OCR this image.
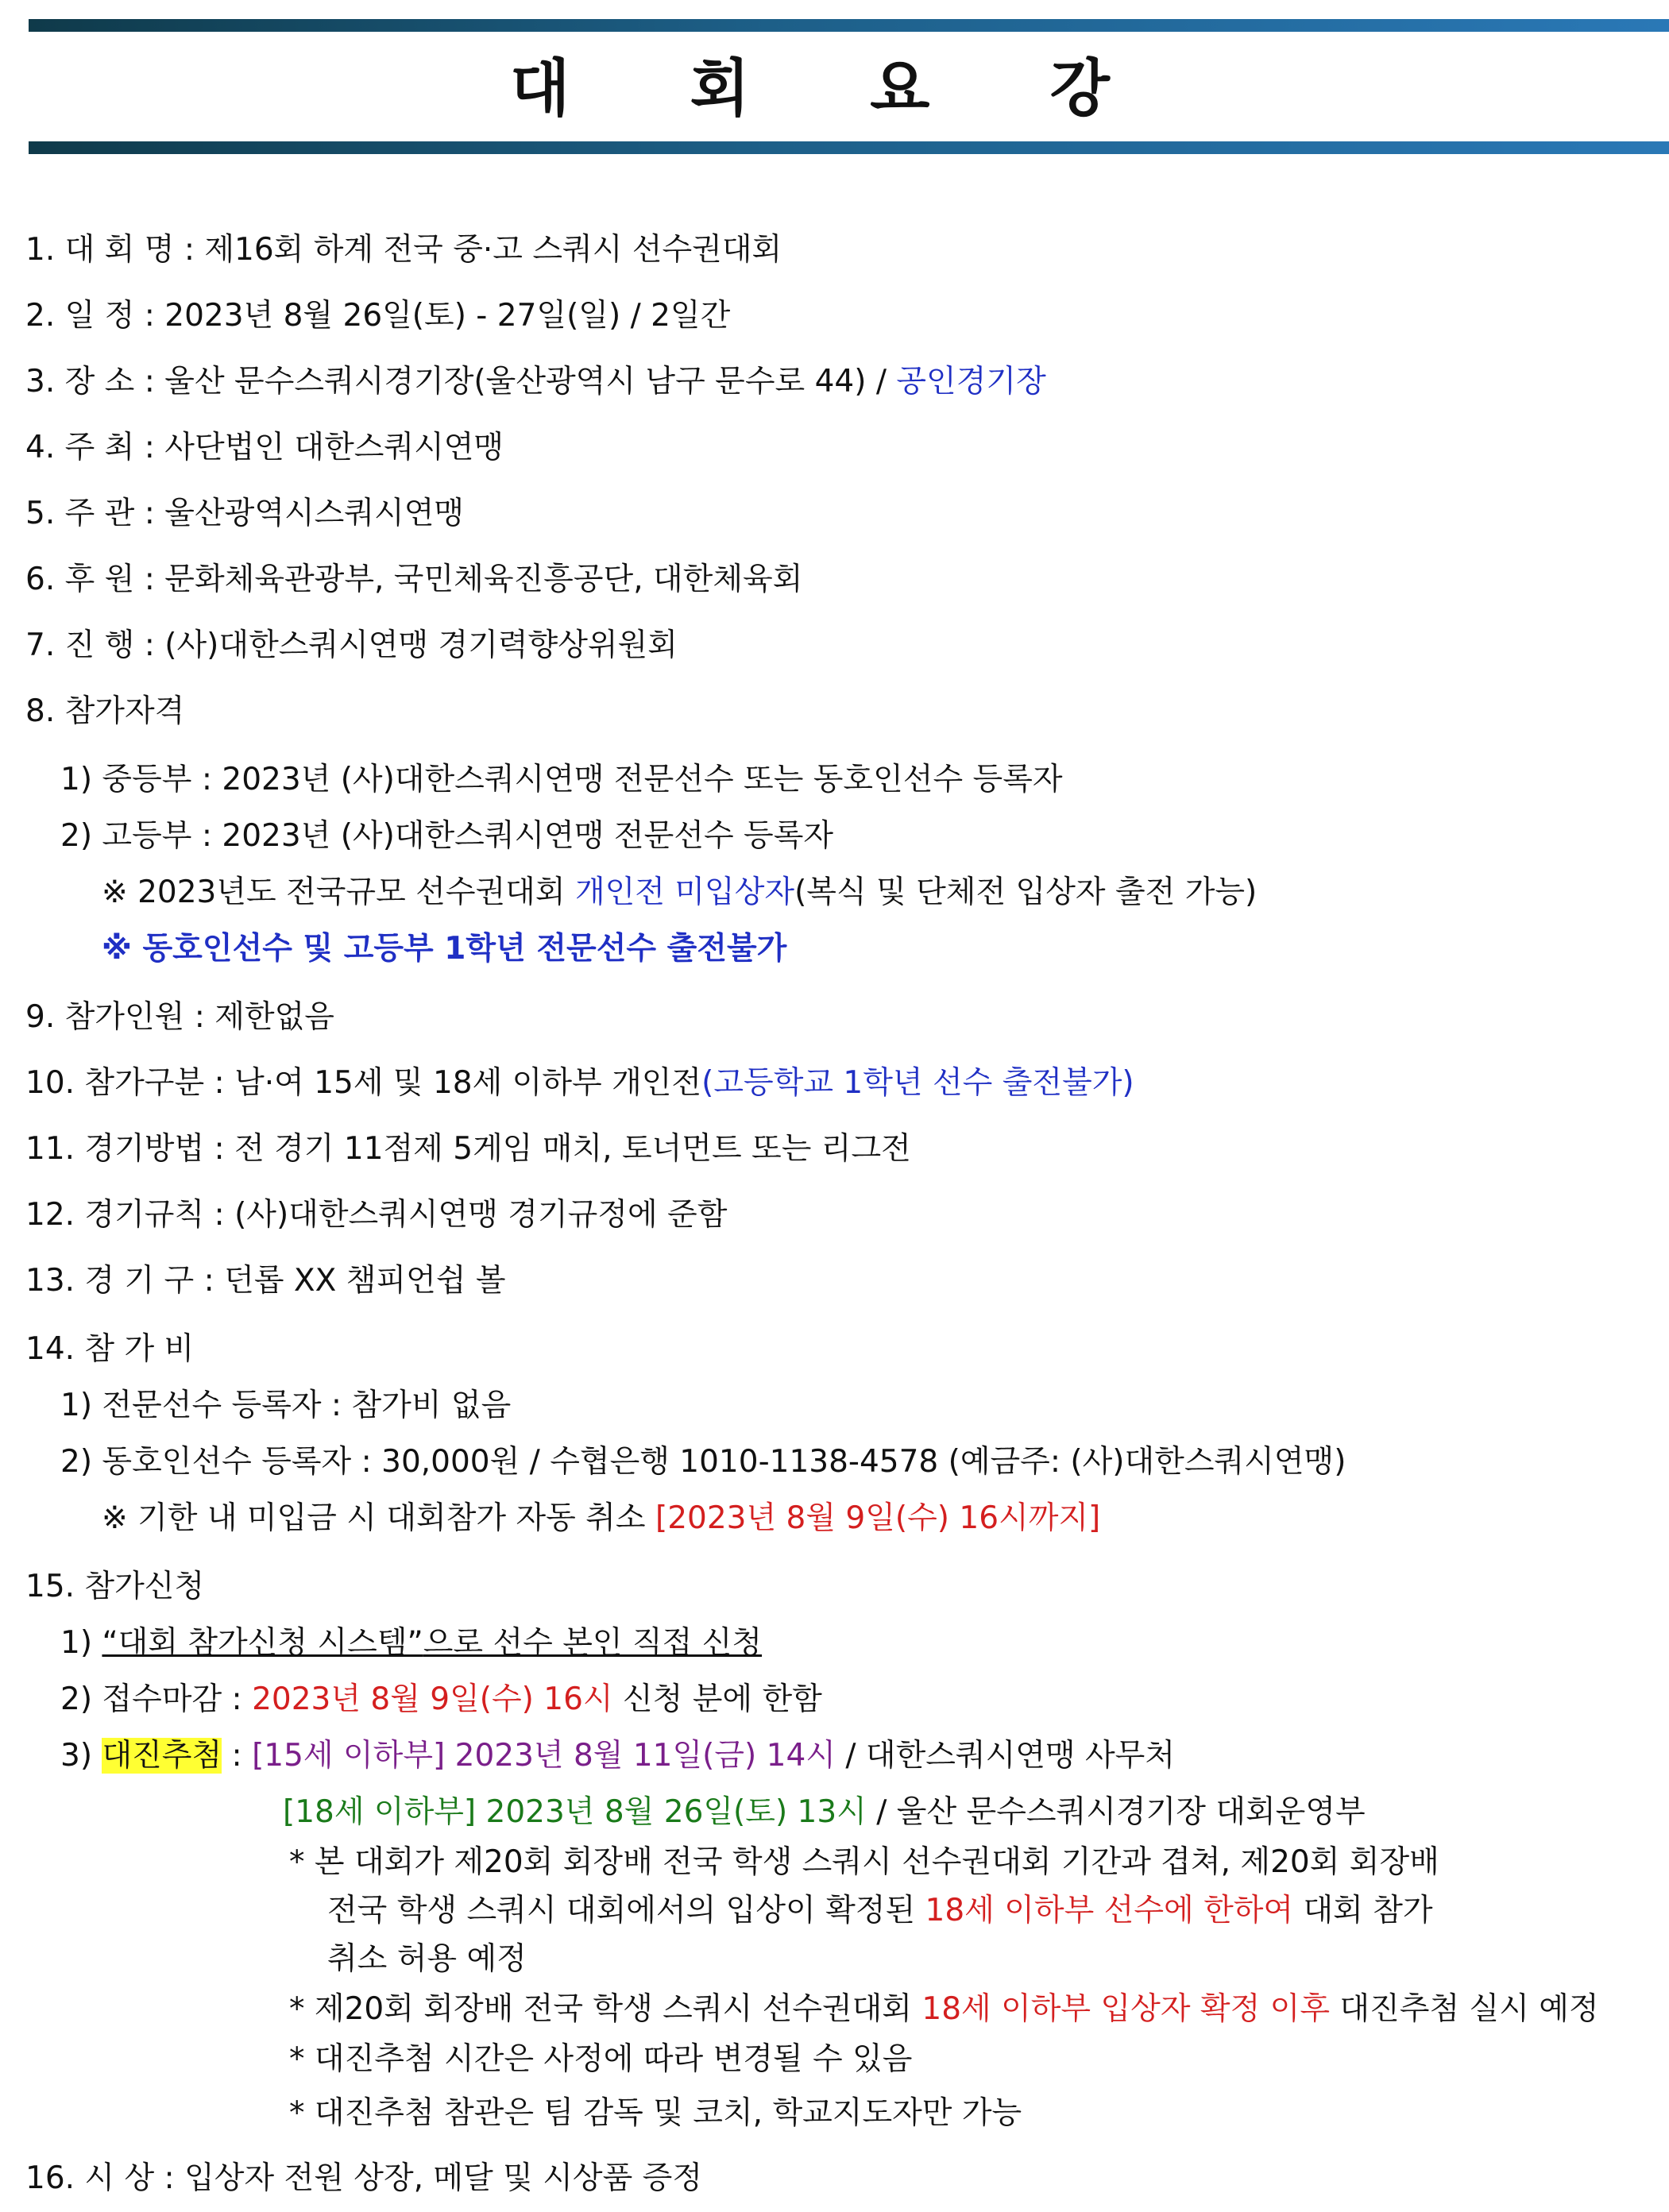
대 회 요 강
1. 대 회 명 : 제16회 하계 전국 중·고 스쿼시 선수권대회
2. 일 정 : 2023년 8월 26일(토) - 27일(일) / 2일간
3. 장 소 : 울산 문수스쿼시경기장(울산광역시 남구 문수로 44) / 공인경기장
4. 주 최 : 사단법인 대한스쿼시연맹
5. 주 관 : 울산광역시스쿼시연맹
6. 후 원 : 문화체육관광부, 국민체육진흥공단, 대한체육회
7. 진 행 : (사)대한스쿼시연맹 경기력향상위원회
8. 참가자격
1) 중등부 : 2023년 (사)대한스쿼시연맹 전문선수 또는 동호인선수 등록자
2) 고등부 : 2023년 (사)대한스쿼시연맹 전문선수 등록자
※ 2023년도 전국규모 선수권대회 개인전 미입상자(복식 및 단체전 입상자 출전 가능)
※ 동호인선수 및 고등부 1학년 전문선수 출전불가
9. 참가인원 : 제한없음
10. 참가구분 : 남·여 15세 및 18세 이하부 개인전(고등학교 1학년 선수 출전불가)
11. 경기방법 : 전 경기 11점제 5게임 매치, 토너먼트 또는 리그전
12. 경기규칙 : (사)대한스쿼시연맹 경기규정에 준함
13. 경 기 구 : 던롭 XX 챔피언쉽 볼
14. 참 가 비
1) 전문선수 등록자 : 참가비 없음
2) 동호인선수 등록자 : 30,000원 / 수협은행 1010-1138-4578 (예금주: (사)대한스쿼시연맹)
※ 기한 내 미입금 시 대회참가 자동 취소 [2023년 8월 9일(수) 16시까지]
15. 참가신청
1) “대회 참가신청 시스템”으로 선수 본인 직접 신청
2) 접수마감 : 2023년 8월 9일(수) 16시 신청 분에 한함
3) 대진추첨 : [15세 이하부] 2023년 8월 11일(금) 14시 / 대한스쿼시연맹 사무처
[18세 이하부] 2023년 8월 26일(토) 13시 / 울산 문수스쿼시경기장 대회운영부
* 본 대회가 제20회 회장배 전국 학생 스쿼시 선수권대회 기간과 겹쳐, 제20회 회장배
전국 학생 스쿼시 대회에서의 입상이 확정된 18세 이하부 선수에 한하여 대회 참가
취소 허용 예정
* 제20회 회장배 전국 학생 스쿼시 선수권대회 18세 이하부 입상자 확정 이후 대진추첨 실시 예정
* 대진추첨 시간은 사정에 따라 변경될 수 있음
* 대진추첨 참관은 팀 감독 및 코치, 학교지도자만 가능
16. 시 상 : 입상자 전원 상장, 메달 및 시상품 증정
